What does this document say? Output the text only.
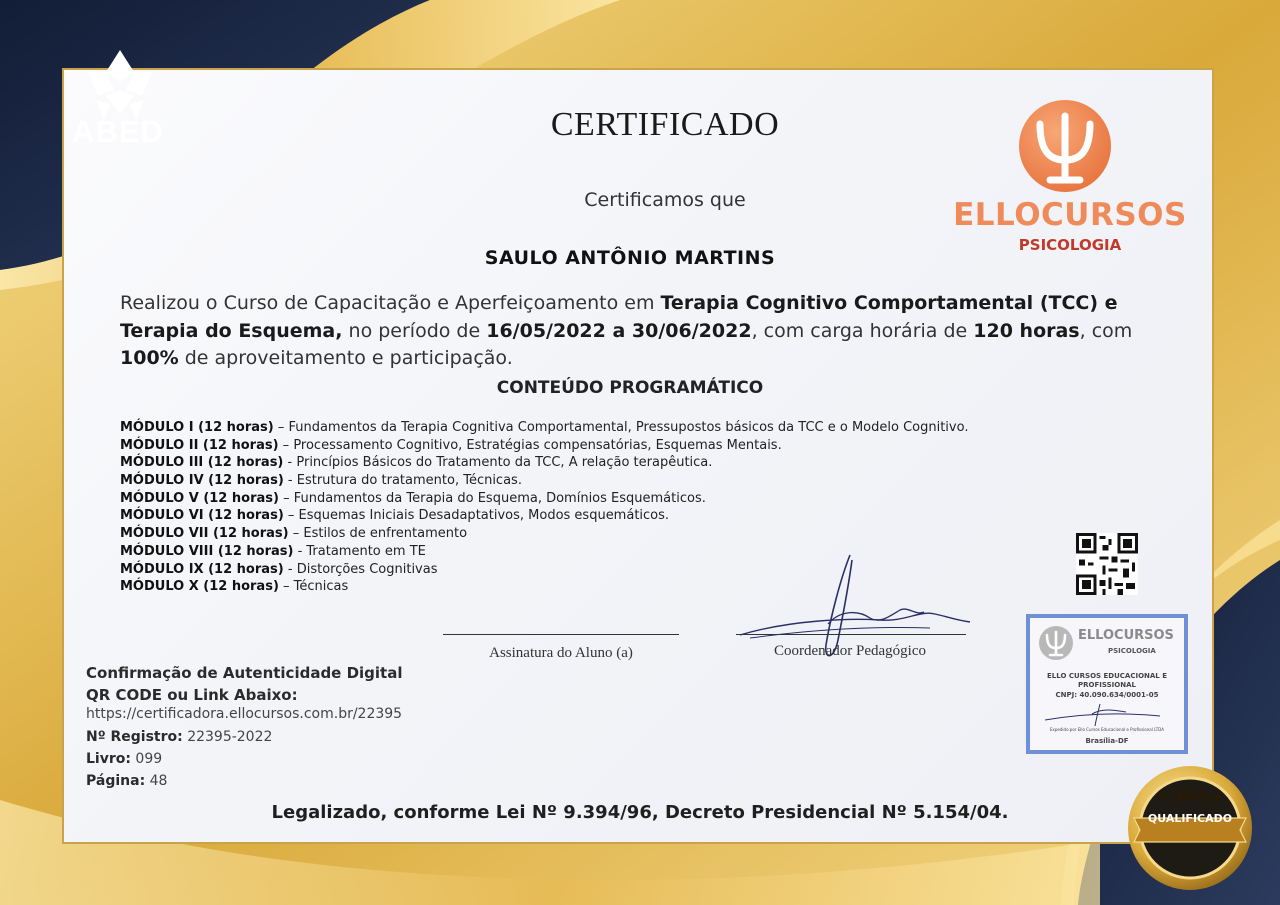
ABED	CERTIFICADO
Certificamos que
SAULO ANTÔNIO MARTINS
Realizou o Curso de Capacitação e Aperfeiçoamento em Terapia Cognitivo Comportamental (TCC) e Terapia do Esquema, no período de 16/05/2022 a 30/06/2022, com carga horária de 120 horas, com 100% de aproveitamento e participação.
CONTEÚDO PROGRAMÁTICO
MÓDULO I (12 horas) – Fundamentos da Terapia Cognitiva Comportamental, Pressupostos básicos da TCC e o Modelo Cognitivo.
MÓDULO II (12 horas) – Processamento Cognitivo, Estratégias compensatórias, Esquemas Mentais.
MÓDULO III (12 horas) - Princípios Básicos do Tratamento da TCC, A relação terapêutica.
MÓDULO IV (12 horas) - Estrutura do tratamento, Técnicas.
MÓDULO V (12 horas) – Fundamentos da Terapia do Esquema, Domínios Esquemáticos.
MÓDULO VI (12 horas) – Esquemas Iniciais Desadaptativos, Modos esquemáticos.
MÓDULO VII (12 horas) – Estilos de enfrentamento
MÓDULO VIII (12 horas) - Tratamento em TE
MÓDULO IX (12 horas) - Distorções Cognitivas
MÓDULO X (12 horas) – Técnicas
Assinatura do Aluno (a)	Coordenador Pedagógico
Confirmação de Autenticidade Digital
QR CODE ou Link Abaixo:
https://certificadora.ellocursos.com.br/22395
Nº Registro: 22395-2022
Livro: 099
Página: 48
Legalizado, conforme Lei Nº 9.394/96, Decreto Presidencial Nº 5.154/04.
ELLOCURSOS
PSICOLOGIA
ELLOCURSOS
PSICOLOGIA
ELLO CURSOS EDUCACIONAL E
PROFISSIONAL
CNPJ: 40.090.634/0001-05
Expedido por Ello Cursos Educacional e Profissional LTDA
Brasília-DF
★100%★
QUALIFICADO
